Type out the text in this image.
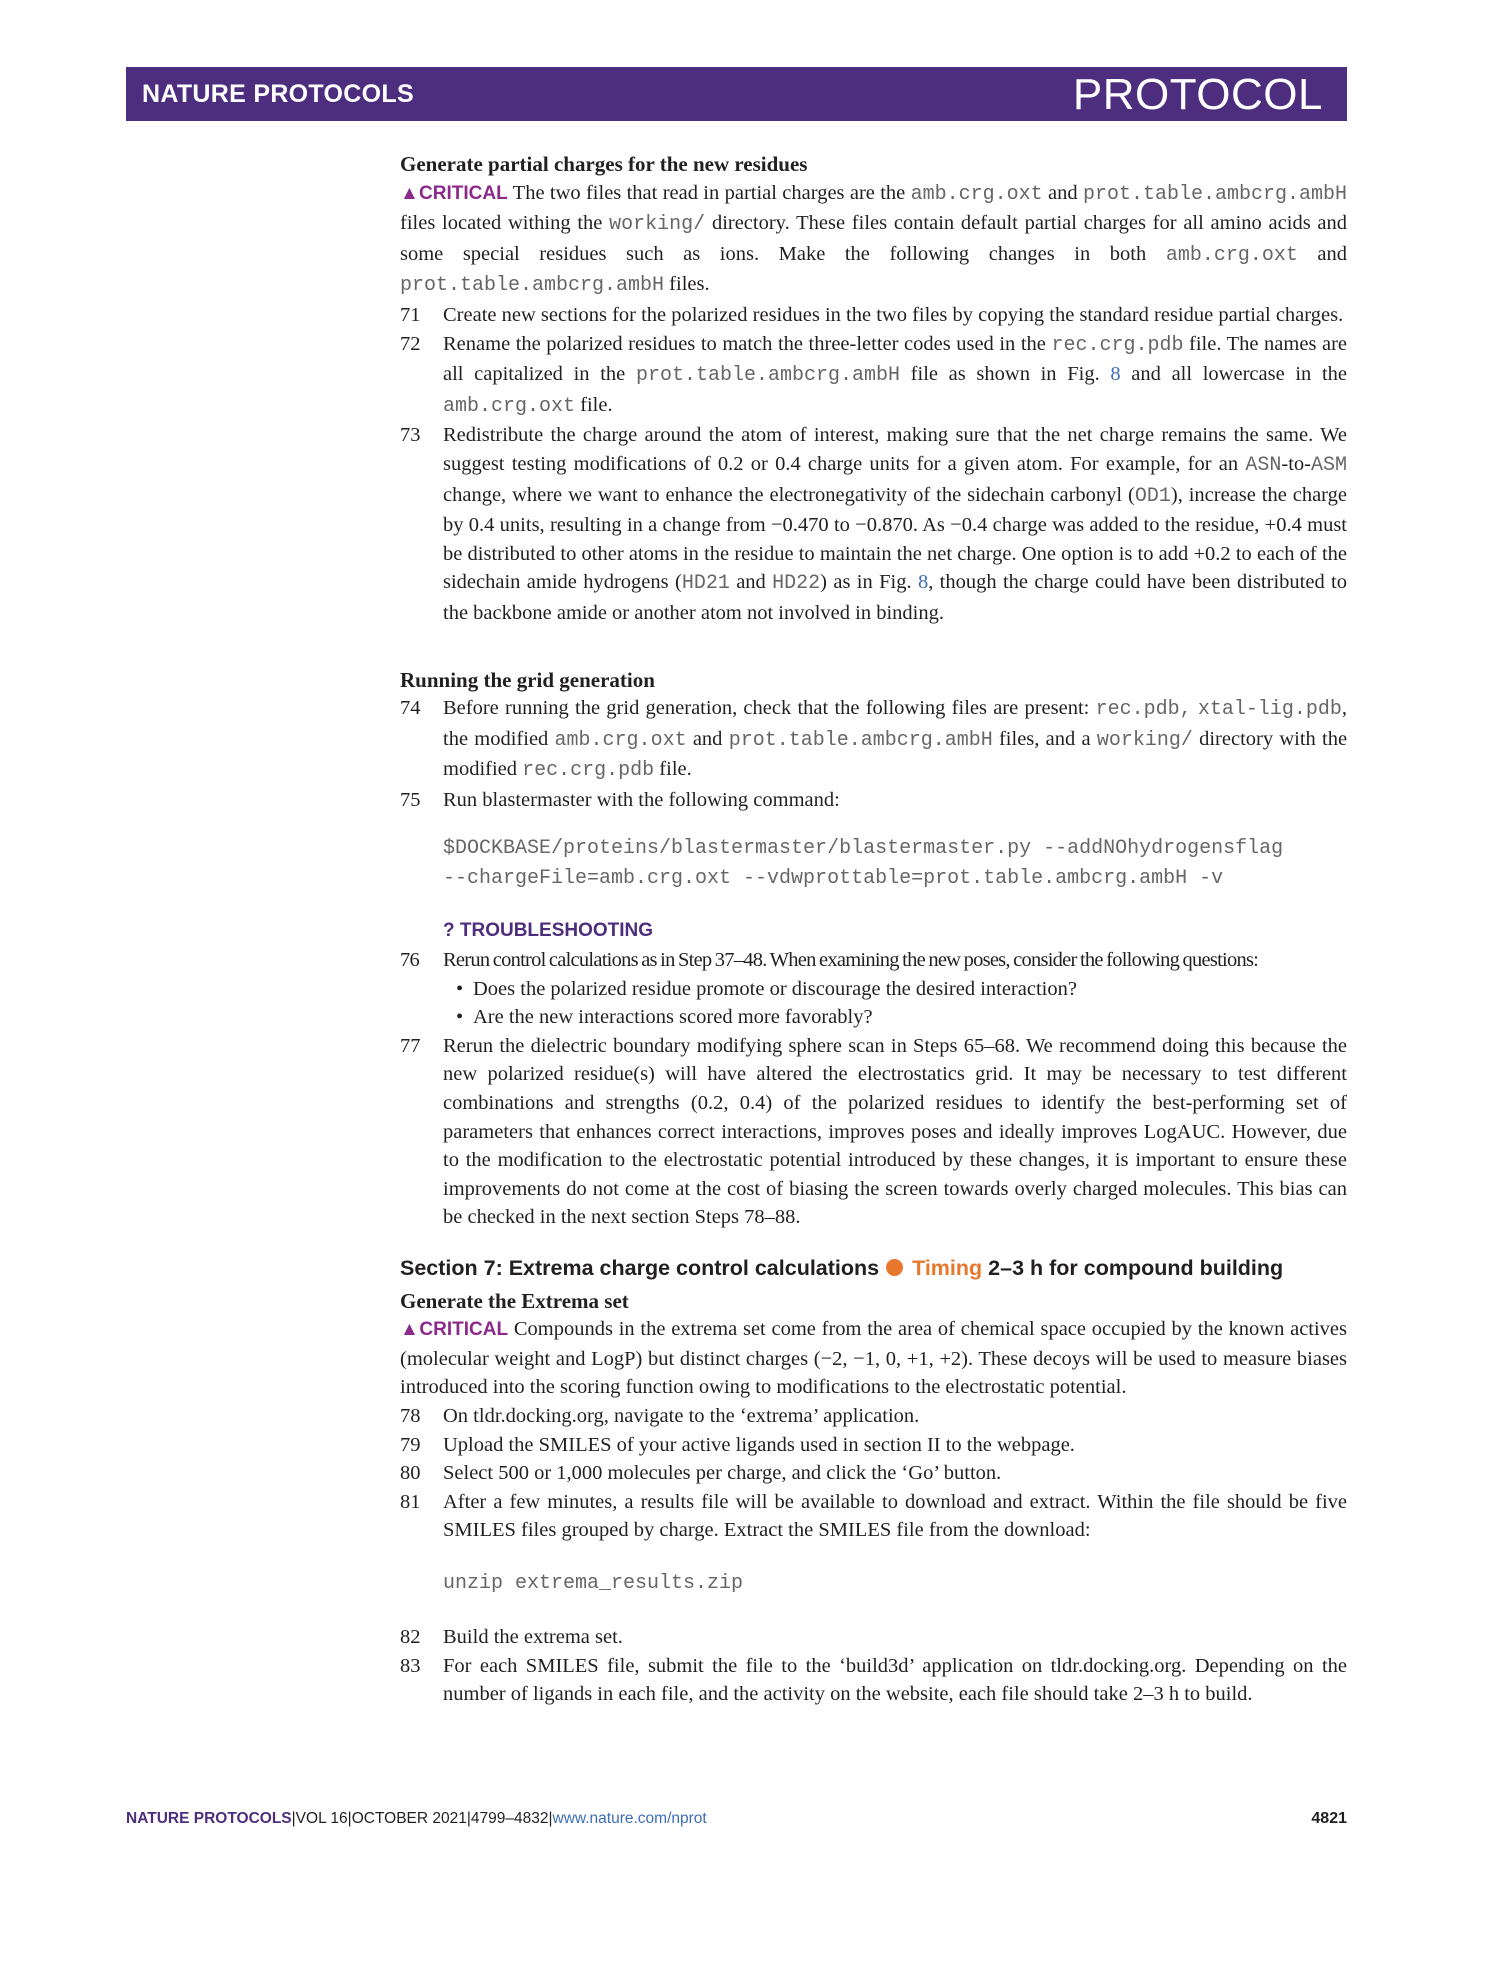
NATURE PROTOCOLS	PROTOCOL

Generate partial charges for the new residues

▲CRITICAL The two files that read in partial charges are the amb.crg.oxt and prot.table.ambcrg.ambH files located withing the working/ directory. These files contain default partial charges for all amino acids and some special residues such as ions. Make the following changes in both amb.crg.oxt and prot.table.ambcrg.ambH files.

71 Create new sections for the polarized residues in the two files by copying the standard residue partial charges.
72 Rename the polarized residues to match the three-letter codes used in the rec.crg.pdb file. The names are all capitalized in the prot.table.ambcrg.ambH file as shown in Fig. 8 and all lowercase in the amb.crg.oxt file.
73 Redistribute the charge around the atom of interest, making sure that the net charge remains the same. We suggest testing modifications of 0.2 or 0.4 charge units for a given atom. For example, for an ASN-to-ASM change, where we want to enhance the electronegativity of the sidechain carbonyl (OD1), increase the charge by 0.4 units, resulting in a change from −0.470 to −0.870. As −0.4 charge was added to the residue, +0.4 must be distributed to other atoms in the residue to maintain the net charge. One option is to add +0.2 to each of the sidechain amide hydrogens (HD21 and HD22) as in Fig. 8, though the charge could have been distributed to the backbone amide or another atom not involved in binding.

Running the grid generation

74 Before running the grid generation, check that the following files are present: rec.pdb, xtal-lig.pdb, the modified amb.crg.oxt and prot.table.ambcrg.ambH files, and a working/ directory with the modified rec.crg.pdb file.
75 Run blastermaster with the following command:
$DOCKBASE/proteins/blastermaster/blastermaster.py --addNOhydrogensflag
--chargeFile=amb.crg.oxt --vdwprottable=prot.table.ambcrg.ambH -v
? TROUBLESHOOTING
76 Rerun control calculations as in Step 37–48. When examining the new poses, consider the following questions:
• Does the polarized residue promote or discourage the desired interaction?
• Are the new interactions scored more favorably?
77 Rerun the dielectric boundary modifying sphere scan in Steps 65–68. We recommend doing this because the new polarized residue(s) will have altered the electrostatics grid. It may be necessary to test different combinations and strengths (0.2, 0.4) of the polarized residues to identify the best-performing set of parameters that enhances correct interactions, improves poses and ideally improves LogAUC. However, due to the modification to the electrostatic potential introduced by these changes, it is important to ensure these improvements do not come at the cost of biasing the screen towards overly charged molecules. This bias can be checked in the next section Steps 78–88.

Section 7: Extrema charge control calculations Timing 2–3 h for compound building

Generate the Extrema set

▲CRITICAL Compounds in the extrema set come from the area of chemical space occupied by the known actives (molecular weight and LogP) but distinct charges (−2, −1, 0, +1, +2). These decoys will be used to measure biases introduced into the scoring function owing to modifications to the electrostatic potential.

78 On tldr.docking.org, navigate to the ‘extrema’ application.
79 Upload the SMILES of your active ligands used in section II to the webpage.
80 Select 500 or 1,000 molecules per charge, and click the ‘Go’ button.
81 After a few minutes, a results file will be available to download and extract. Within the file should be five SMILES files grouped by charge. Extract the SMILES file from the download:
unzip extrema_results.zip
82 Build the extrema set.
83 For each SMILES file, submit the file to the ‘build3d’ application on tldr.docking.org. Depending on the number of ligands in each file, and the activity on the website, each file should take 2–3 h to build.
NATURE PROTOCOLS|VOL 16|OCTOBER 2021|4799–4832|www.nature.com/nprot	4821
